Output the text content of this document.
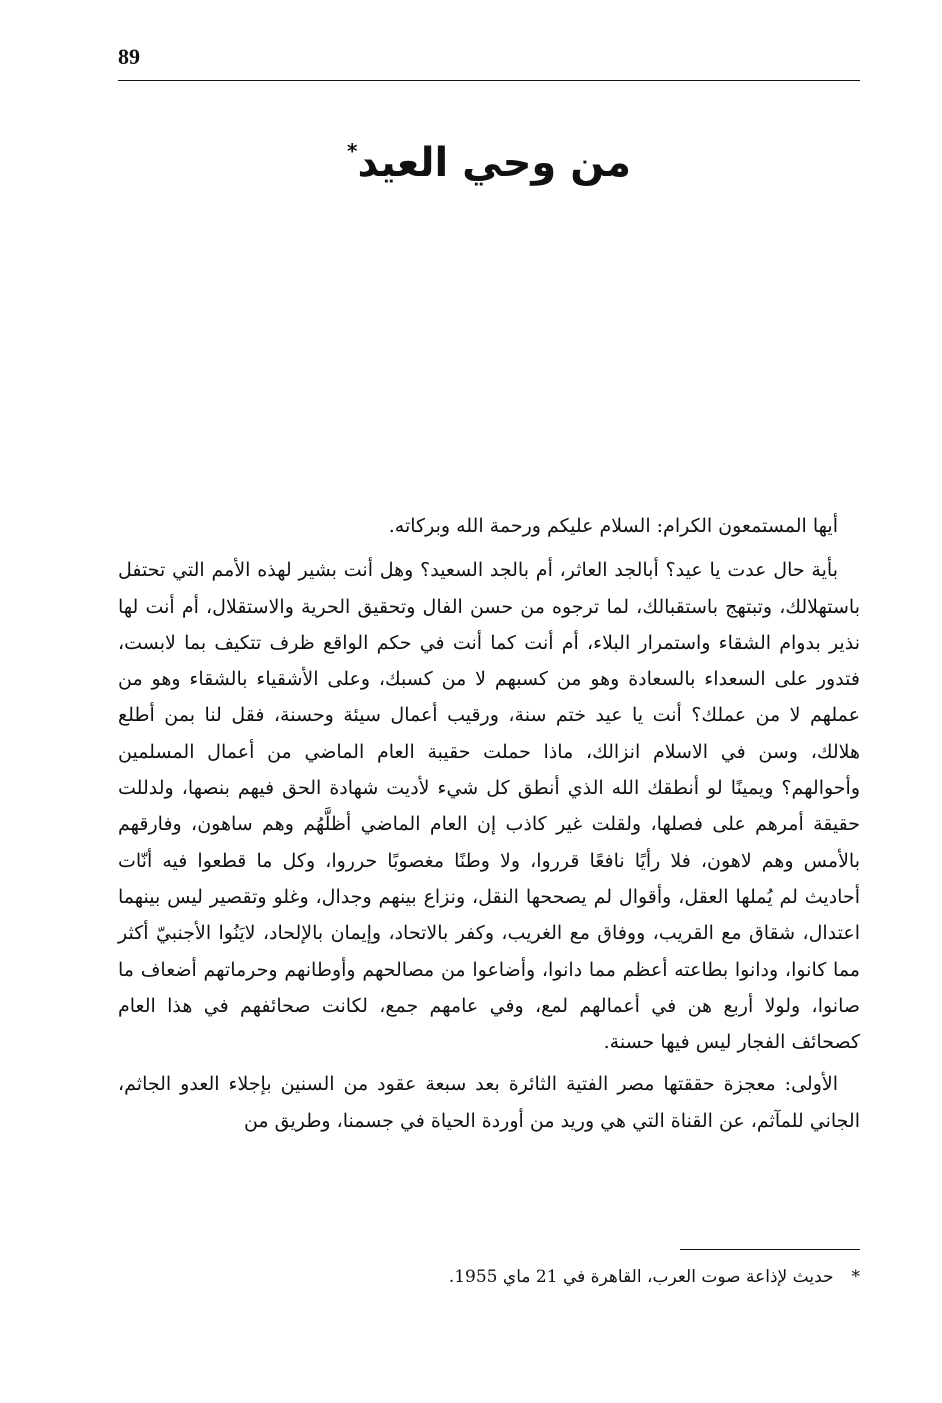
89
من وحي العيد*

أيها المستمعون الكرام: السلام عليكم ورحمة الله وبركاته.

بأية حال عدت يا عيد؟ أبالجد العاثر، أم بالجد السعيد؟ وهل أنت بشير لهذه الأمم التي تحتفل باستهلالك، وتبتهج باستقبالك، لما ترجوه من حسن الفال وتحقيق الحرية والاستقلال، أم أنت لها نذير بدوام الشقاء واستمرار البلاء، أم أنت كما أنت في حكم الواقع ظرف تتكيف بما لابست، فتدور على السعداء بالسعادة وهو من كسبهم لا من كسبك، وعلى الأشقياء بالشقاء وهو من عملهم لا من عملك؟ أنت يا عيد ختم سنة، ورقيب أعمال سيئة وحسنة، فقل لنا بمن أطلع هلالك، وسن في الاسلام انزالك، ماذا حملت حقيبة العام الماضي من أعمال المسلمين وأحوالهم؟ ويمينًا لو أنطقك الله الذي أنطق كل شيء لأديت شهادة الحق فيهم بنصها، ولدللت حقيقة أمرهم على فصلها، ولقلت غير كاذب إن العام الماضي أظلَّهُم وهم ساهون، وفارقهم بالأمس وهم لاهون، فلا رأيًا نافعًا قرروا، ولا وطنًا مغصوبًا حرروا، وكل ما قطعوا فيه أنّات أحاديث لم يُملها العقل، وأقوال لم يصححها النقل، ونزاع بينهم وجدال، وغلو وتقصير ليس بينهما اعتدال، شقاق مع القريب، ووفاق مع الغريب، وكفر بالاتحاد، وإيمان بالإلحاد، لايَنُوا الأجنبيّ أكثر مما كانوا، ودانوا بطاعته أعظم مما دانوا، وأضاعوا من مصالحهم وأوطانهم وحرماتهم أضعاف ما صانوا، ولولا أربع هن في أعمالهم لمع، وفي عامهم جمع، لكانت صحائفهم في هذا العام كصحائف الفجار ليس فيها حسنة.

الأولى: معجزة حققتها مصر الفتية الثائرة بعد سبعة عقود من السنين بإجلاء العدو الجاثم، الجاني للمآثم، عن القناة التي هي وريد من أوردة الحياة في جسمنا، وطريق من

*حديث لإذاعة صوت العرب، القاهرة في 21 ماي 1955.
